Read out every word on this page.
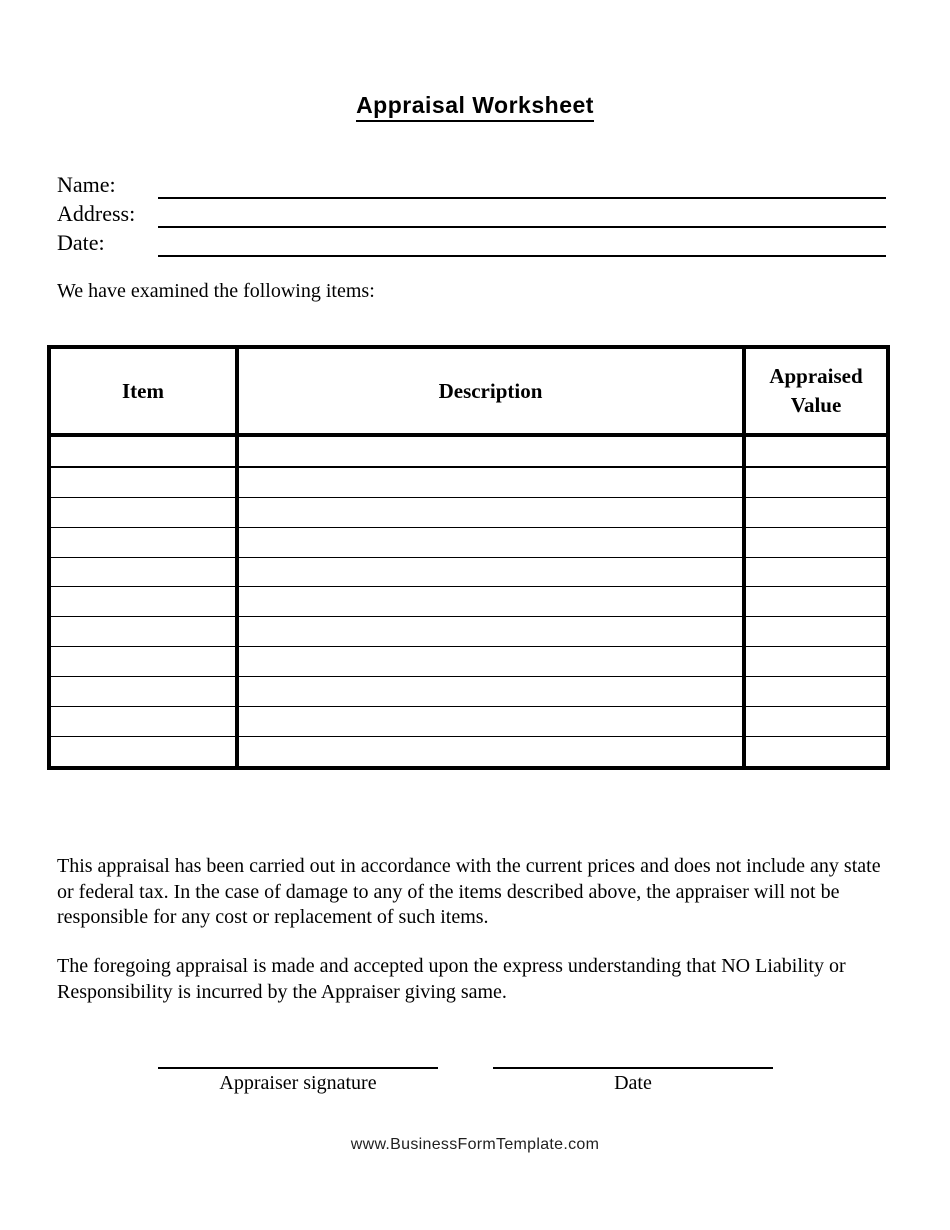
Appraisal Worksheet
Name:
Address:
Date:
We have examined the following items:
Item	Description	Appraised Value

This appraisal has been carried out in accordance with the current prices and does not include any state or federal tax. In the case of damage to any of the items described above, the appraiser will not be responsible for any cost or replacement of such items.

The foregoing appraisal is made and accepted upon the express understanding that NO Liability or Responsibility is incurred by the Appraiser giving same.

Appraiser signature	Date
www.BusinessFormTemplate.com
